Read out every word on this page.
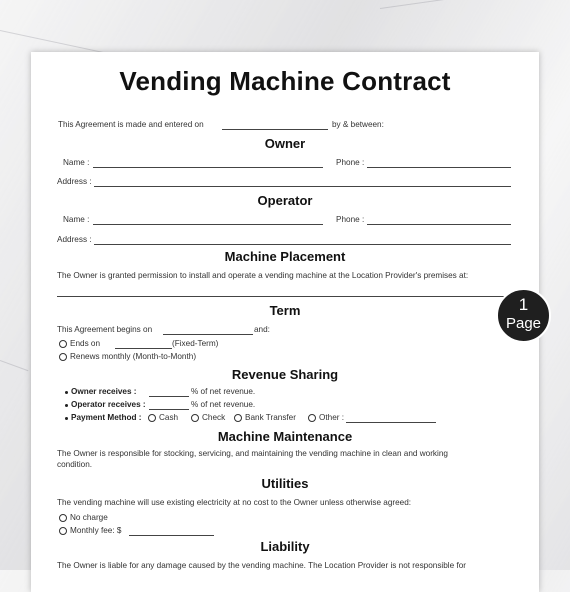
Vending Machine Contract
This Agreement is made and entered on	by & between:
Owner
Name :	Phone :
Address :
Operator
Name :	Phone :
Address :
Machine Placement
The Owner is granted permission to install and operate a vending machine at the Location Provider's premises at:
Term
This Agreement begins on	and:
Ends on	(Fixed-Term)
Renews monthly (Month-to-Month)
Revenue Sharing
Owner receives :	% of net revenue.
Operator receives :	% of net revenue.
Payment Method : Cash	Check Bank Transfer	Other :
Machine Maintenance
The Owner is responsible for stocking, servicing, and maintaining the vending machine in clean and working
condition.
Utilities
The vending machine will use existing electricity at no cost to the Owner unless otherwise agreed:
No charge
Monthly fee: $
Liability
The Owner is liable for any damage caused by the vending machine. The Location Provider is not responsible for
1
Page
